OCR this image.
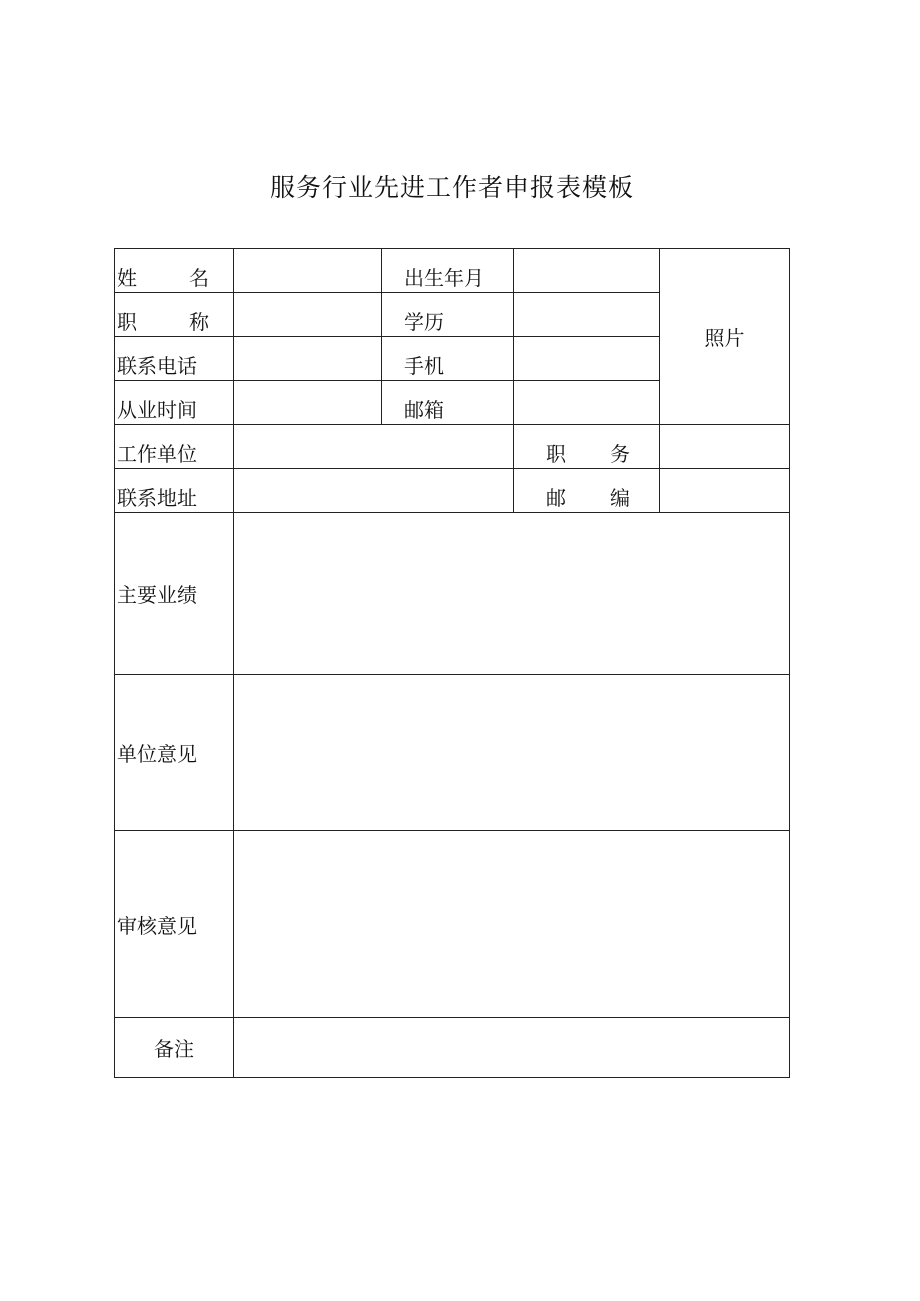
服务行业先进工作者申报表模板
姓 名		出生年月		照片

职 称		学历		

联系电话		手机		

从业时间		邮箱		

工作单位			职 务	

联系地址			邮 编	

主要业绩				

单位意见				

审核意见				

备注				
